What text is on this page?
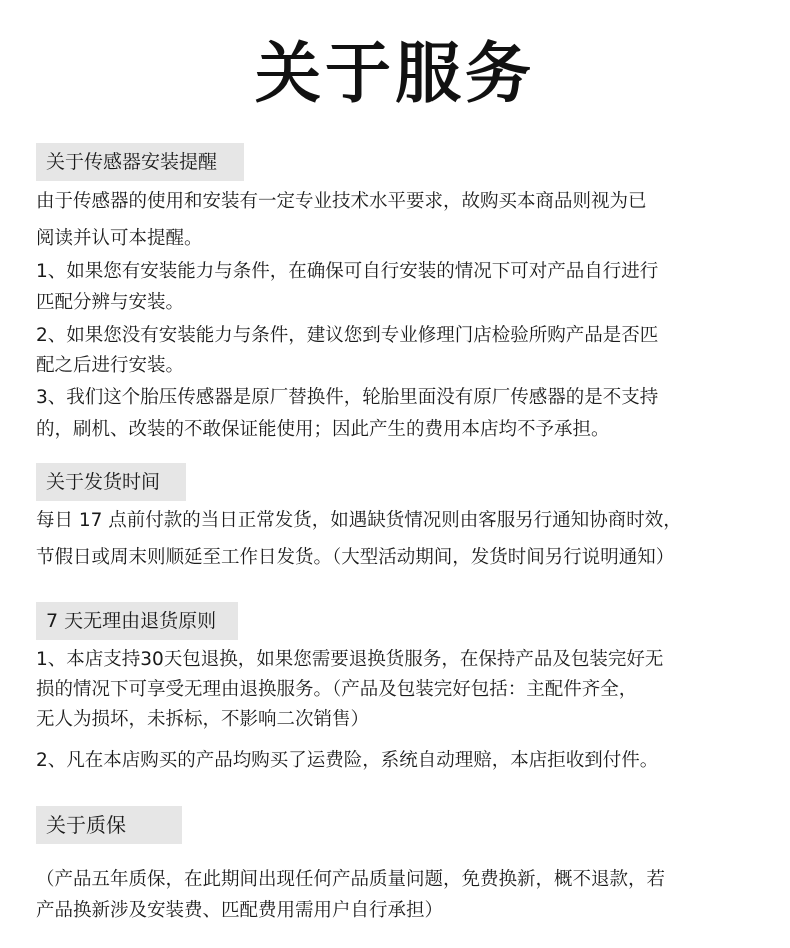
关于服务
关于传感器安装提醒
由于传感器的使用和安装有一定专业技术水平要求，故购买本商品则视为已
阅读并认可本提醒。
1、如果您有安装能力与条件，在确保可自行安装的情况下可对产品自行进行
匹配分辨与安装。
2、如果您没有安装能力与条件，建议您到专业修理门店检验所购产品是否匹
配之后进行安装。
3、我们这个胎压传感器是原厂替换件，轮胎里面没有原厂传感器的是不支持
的，刷机、改装的不敢保证能使用；因此产生的费用本店均不予承担。
关于发货时间
每日 17 点前付款的当日正常发货，如遇缺货情况则由客服另行通知协商时效，
节假日或周末则顺延至工作日发货。（大型活动期间，发货时间另行说明通知）
7 天无理由退货原则
1、本店支持30天包退换，如果您需要退换货服务，在保持产品及包装完好无
损的情况下可享受无理由退换服务。（产品及包装完好包括：主配件齐全，
无人为损坏，未拆标，不影响二次销售）
2、凡在本店购买的产品均购买了运费险，系统自动理赔，本店拒收到付件。
关于质保
（产品五年质保，在此期间出现任何产品质量问题，免费换新，概不退款，若
产品换新涉及安装费、匹配费用需用户自行承担）
